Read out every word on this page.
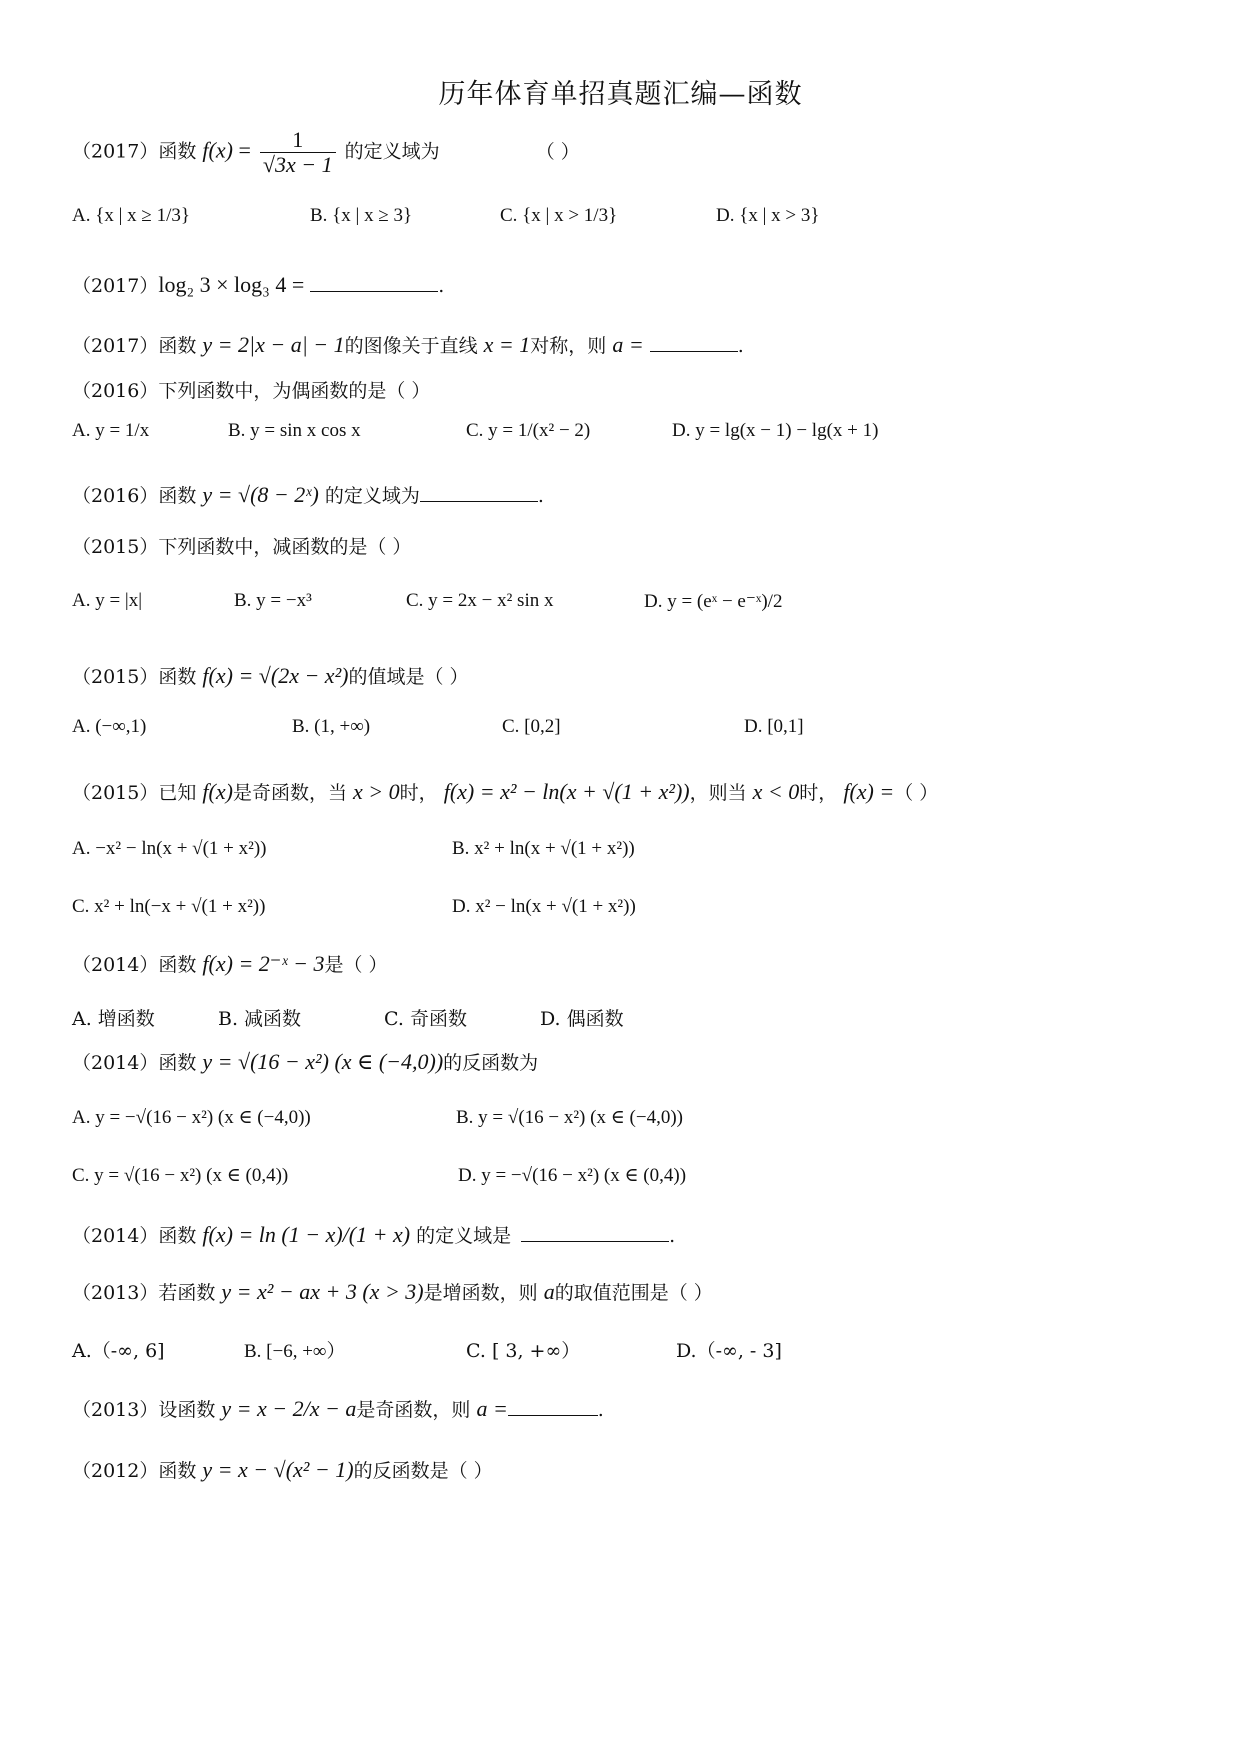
历年体育单招真题汇编—函数
（2017）函数 $f(x) = \frac{1}{√3x - 1}$ 的定义域为	（ ）
A. {x | x ≥ 1/3}	B. {x | x ≥ 3}	C. {x | x > 1/3}	D. {x | x > 3}
（2017）log₂ 3 × log₃ 4 =	.
（2017）函数 y = 2|x − a| − 1的图像关于直线 x = 1对称，则 a =	.
（2016）下列函数中，为偶函数的是（ ）
A. y = 1/x	B. y = sin x cos x	C. y = 1/(x² − 2)	D. y = lg(x − 1) − lg(x + 1)
（2016）函数 y = √(8 − 2ˣ) 的定义域为	.
（2015）下列函数中，减函数的是（ ）
A. y = |x|	B. y = −x³	C. y = 2x − x² sin x	D. y = (eˣ − e⁻ˣ)/2
（2015）函数 f(x) = √(2x − x²)的值域是（ ）
A. (−∞,1)	B. (1, +∞)	C. [0,2]	D. [0,1]
（2015）已知 f(x)是奇函数，当 x > 0时， f(x) = x² − ln(x + √(1 + x²))，则当 x < 0时， f(x) =（ ）
A. −x² − ln(x + √(1 + x²))	B. x² + ln(x + √(1 + x²))
C. x² + ln(−x + √(1 + x²))	D. x² − ln(x + √(1 + x²))
（2014）函数 f(x) = 2⁻ˣ − 3是（ ）
A. 增函数	B. 减函数	C. 奇函数	D. 偶函数
（2014）函数 y = √(16 − x²) (x ∈ (−4,0))的反函数为
A. y = −√(16 − x²) (x ∈ (−4,0))	B. y = √(16 − x²) (x ∈ (−4,0))
C. y = √(16 − x²) (x ∈ (0,4))	D. y = −√(16 − x²) (x ∈ (0,4))
（2014）函数 f(x) = ln (1 − x)/(1 + x) 的定义域是	.
（2013）若函数 y = x² − ax + 3 (x > 3)是增函数，则 a的取值范围是（ ）
A.（-∞, 6]	B. [−6, +∞）	C. [ 3, +∞）	D.（-∞, - 3]
（2013）设函数 y = x − 2/x − a是奇函数，则 a =	.
（2012）函数 y = x − √(x² − 1)的反函数是（ ）
